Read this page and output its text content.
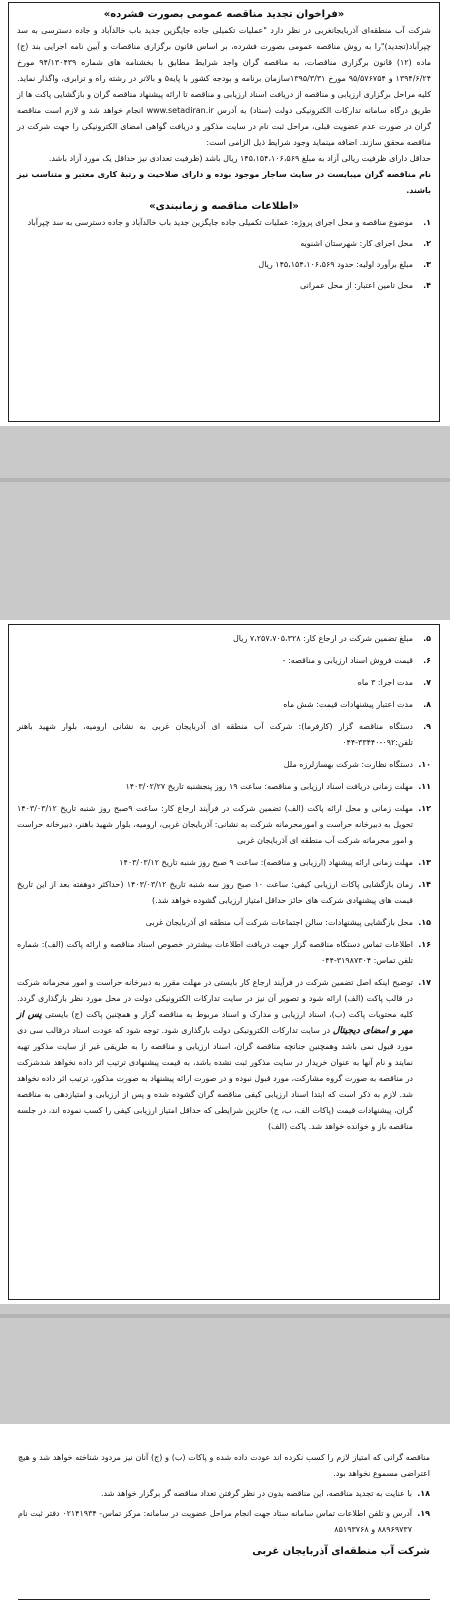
«فراخوان تجدید مناقصه عمومی بصورت فشرده»

شرکت آب منطقه‌ای آذربایجانغربی در نظر دارد "عملیات تکمیلی جاده جایگزین جدید باب خالدآباد و جاده دسترسی به سد چپرآباد(تجدید)"را به روش مناقصه عمومی بصورت فشرده، بر اساس قانون برگزاری مناقصات و آیین نامه اجرایی بند (ج) ماده (۱۲) قانون برگزاری مناقصات، به مناقصه گران واجد شرایط مطابق با بخشنامه های شماره ۹۴/۱۳۰۴۳۹ مورخ ۱۳۹۴/۶/۲۴ و ۹۵/۵۷۶۷۵۴ مورخ ۱۳۹۵/۳/۳۱سازمان برنامه و بودجه کشور با پایه۵ و بالاتر در رشته راه و ترابری، واگذار نماید. کلیه مراحل برگزاری ارزیابی و مناقصه از دریافت اسناد ارزیابی و مناقصه تا ارائه پیشنهاد مناقصه گران و بازگشایی پاکت ها از طریق درگاه سامانه تدارکات الکترونیکی دولت (ستاد) به آدرس www.setadiran.ir انجام خواهد شد و لازم است مناقصه گران در صورت عدم عضویت قبلی، مراحل ثبت نام در سایت مذکور و دریافت گواهی امضای الکترونیکی را جهت شرکت در مناقصه محقق سازند. اضافه مینماید وجود شرایط ذیل الزامی است:

حداقل دارای ظرفیت ریالی آزاد به مبلغ ۱۴۵،۱۵۴،۱۰۶،۵۶۹ ریال باشد (ظرفیت تعدادی نیز حداقل یک مورد آزاد باشد.

نام مناقصه گران میبایست در سایت ساجار موجود بوده و دارای صلاحیت و رتبهٔ کاری معتبر و متناسب نیز باشند.

«اطلاعات مناقصه و زمانبندی»
۱.
موضوع مناقصه و محل اجرای پروژه: عملیات تکمیلی جاده جایگزین جدید باب خالدآباد و جاده دسترسی به سد چپرآباد
۲.
محل اجرای کار: شهرستان اشنویه
۳.
مبلغ برآورد اولیه: حدود ۱۴۵،۱۵۴،۱۰۶،۵۶۹ ریال
۴.
محل تامین اعتبار: از محل عمرانی
۵.
مبلغ تضمین شرکت در ارجاع کار: ۷،۲۵۷،۷۰۵،۳۲۸ ریال
۶.
قیمت فروش اسناد ارزیابی و مناقصه: -
۷.
مدت اجرا: ۳ ماه
۸.
مدت اعتبار پیشنهادات قیمت: شش ماه
۹.
دستگاه مناقصه گزار (کارفرما): شرکت آب منطقه ای آذربایجان غربی به نشانی ارومیه، بلوار شهید باهنر تلفن:۰۹۲-۳۳۴۴۰-۰۴۴
۱۰.
دستگاه نظارت: شرکت بهسازلرزه ملل
۱۱.
مهلت زمانی دریافت اسناد ارزیابی و مناقصه: ساعت ۱۹ روز پنجشنبه تاریخ ۱۴۰۳/۰۲/۲۷
۱۲.
مهلت زمانی و محل ارائه پاکت (الف) تضمین شرکت در فرآیند ارجاع کار: ساعت ۹صبح روز شنبه تاریخ ۱۴۰۳/۰۳/۱۲ تحویل به دبیرخانه حراست و امورمحرمانه شرکت به نشانی: آذربایجان غربی، ارومیه، بلوار شهید باهنر، دبیرخانه حراست و امور محرمانه شرکت آب منطقه ای آذربایجان غربی
۱۳.
مهلت زمانی ارائه پیشنهاد (ارزیابی و مناقصه): ساعت ۹ صبح روز شنبه تاریخ ۱۴۰۳/۰۳/۱۲
۱۴.
زمان بازگشایی پاکات ارزیابی کیفی: ساعت ۱۰ صبح روز سه شنبه تاریخ ۱۴۰۳/۰۳/۱۲ (حداکثر دوهفته بعد از این تاریخ قیمت های پیشنهادی شرکت های حائز حداقل امتیاز ارزیابی گشوده خواهد شد.)
۱۵.
محل بازگشایی پیشنهادات: سالن اجتماعات شرکت آب منطقه ای آذربایجان غربی
۱۶.
اطلاعات تماس دستگاه مناقصه گزار جهت دریافت اطلاعات بیشتردر خصوص اسناد مناقصه و ارائه پاکت (الف): شماره تلفن تماس: ۳۱۹۸۷۳۰۴-۰۴۴
۱۷.
توضیح اینکه اصل تضمین شرکت در فرآیند ارجاع کار بایستی در مهلت مقرر به دبیرخانه حراست و امور محرمانه شرکت در قالب پاکت (الف) ارائه شود و تصویر آن نیز در سایت تدارکات الکترونیکی دولت در محل مورد نظر بارگذاری گردد. کلیه محتویات پاکت (ب)، اسناد ارزیابی و مدارک و اسناد مربوط به مناقصه گزار و همچنین پاکت (ج) بایستی پس از مهر و امضای دیجیتال در سایت تدارکات الکترونیکی دولت بارگذاری شود. توجه شود که عودت اسناد درقالب سی دی مورد قبول نمی باشد وهمچنین جنانچه مناقصه گران، اسناد ارزیابی و مناقصه را به طریقی غیر از سایت مذکور تهیه نمایند و نام آنها به عنوان خریدار در سایت مذکور ثبت نشده باشد، به قیمت پیشنهادی ترتیب اثر داده نخواهد شدشرکت در مناقصه به صورت گروه مشارکت، مورد قبول نبوده و در صورت ارائه پیشنهاد به صورت مذکور، ترتیب اثر داده نخواهد شد. لازم به ذکر است که ابتدا اسناد ارزیابی کیفی مناقصه گران گشوده شده و پس از ارزیابی و امتیازدهی به مناقصه گران، پیشنهادات قیمت (پاکات الف، ب، ج) حائزین شرایطی که حداقل امتیاز ارزیابی کیفی را کسب نموده اند، در جلسه مناقصه باز و خوانده خواهد شد. پاکت (الف)

مناقصه گرانی که امتیاز لازم را کسب نکرده اند عودت داده شده و پاکات (ب) و (ج) آنان نیز مردود شناخته خواهد شد و هیچ اعتراضی مسموع نخواهد بود.

۱۸.
با عنایت به تجدید مناقصه، این مناقصه بدون در نظر گرفتن تعداد مناقصه گر برگزار خواهد شد.
۱۹.
آدرس و تلفن اطلاعات تماس سامانه ستاد جهت انجام مراحل عضویت در سامانه: مرکز تماس- ۰۲۱۴۱۹۳۴ دفتر ثبت نام ۸۸۹۶۹۷۳۷ و ۸۵۱۹۳۷۶۸
شرکت آب منطقه‌ای آذربایجان غربی
